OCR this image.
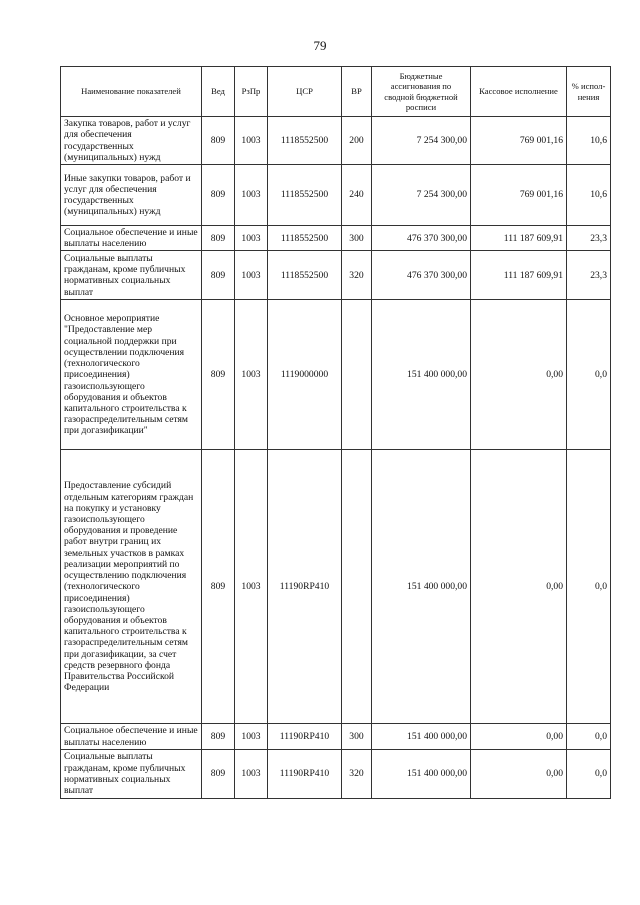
79
Наименование показателей	Вед	РзПр	ЦСР	ВР	Бюджетные ассигнования по сводной бюджетной росписи	Кассовое исполнение	% испол-нения
Закупка товаров, работ и услуг для обеспечения государственных (муниципальных) нужд	809	1003	1118552500	200	7 254 300,00	769 001,16	10,6
Иные закупки товаров, работ и услуг для обеспечения государственных (муниципальных) нужд	809	1003	1118552500	240	7 254 300,00	769 001,16	10,6
Социальное обеспечение и иные выплаты населению	809	1003	1118552500	300	476 370 300,00	111 187 609,91	23,3
Социальные выплаты гражданам, кроме публичных нормативных социальных выплат	809	1003	1118552500	320	476 370 300,00	111 187 609,91	23,3
Основное мероприятие "Предоставление мер социальной поддержки при осуществлении подключения (технологического присоединения) газоиспользующего оборудования и объектов капитального строительства к газораспределительным сетям при догазификации"	809	1003	1119000000		151 400 000,00	0,00	0,0
Предоставление субсидий отдельным категориям граждан на покупку и установку газоиспользующего оборудования и проведение работ внутри границ их земельных участков в рамках реализации мероприятий по осуществлению подключения (технологического присоединения) газоиспользующего оборудования и объектов капитального строительства к газораспределительным сетям при догазификации, за счет средств резервного фонда Правительства Российской Федерации	809	1003	11190RP410		151 400 000,00	0,00	0,0
Социальное обеспечение и иные выплаты населению	809	1003	11190RP410	300	151 400 000,00	0,00	0,0
Социальные выплаты гражданам, кроме публичных нормативных социальных выплат	809	1003	11190RP410	320	151 400 000,00	0,00	0,0
